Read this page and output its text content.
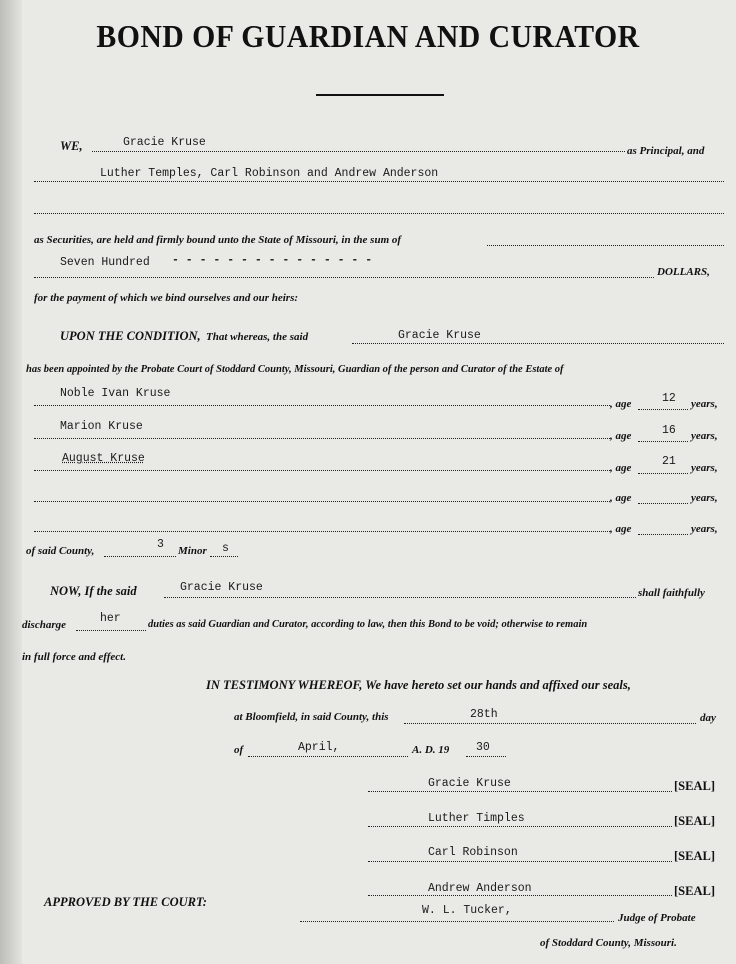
BOND OF GUARDIAN AND CURATOR
WE,	Gracie Kruse
as Principal, and
Luther Temples, Carl Robinson and Andrew Anderson
as Securities, are held and firmly bound unto the State of Missouri, in the sum of
Seven Hundred - - - - - - - - - - - - - - -
DOLLARS,
for the payment of which we bind ourselves and our heirs:
UPON THE CONDITION, That whereas, the said	Gracie Kruse
has been appointed by the Probate Court of Stoddard County, Missouri, Guardian of the person and Curator of the Estate of
Noble Ivan Kruse
, age	12 years,
Marion Kruse
, age	16 years,
August Kruse
, age	21 years,
, age	years,
, age	years,
of said County,	3 Minor s
NOW, If the said	Gracie Kruse	shall faithfully
discharge	her	duties as said Guardian and Curator, according to law, then this Bond to be void; otherwise to remain
in full force and effect.
IN TESTIMONY WHEREOF, We have hereto set our hands and affixed our seals,
at Bloomfield, in said County, this	28th	day
of	April,	A. D. 19 30
Gracie Kruse	[SEAL]
Luther Timples	[SEAL]
Carl Robinson	[SEAL]
Andrew Anderson	[SEAL]
APPROVED BY THE COURT:
W. L. Tucker,
Judge of Probate
of Stoddard County, Missouri.
